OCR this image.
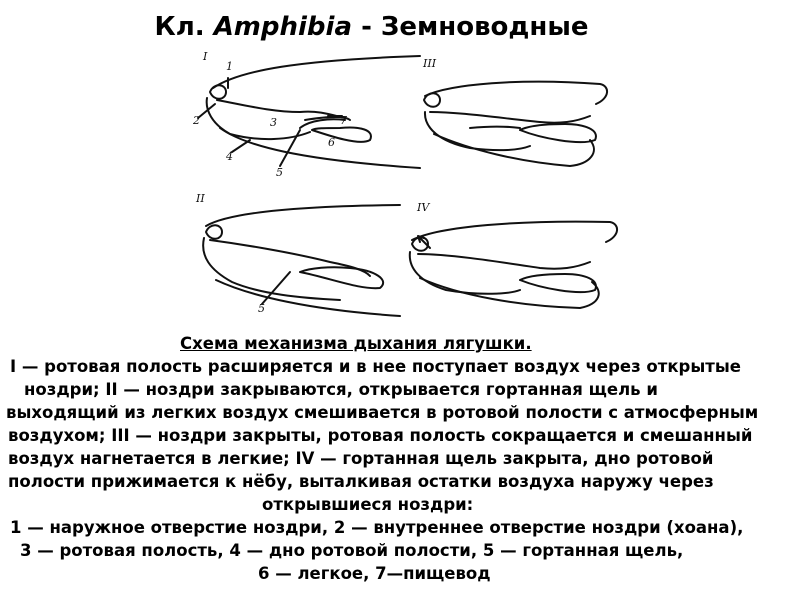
Кл. Amphibia - Земноводные
I
1
2	3
4
5
6
7
III
II
5
IV
Схема механизма дыхания лягушки.
I — ротовая полость расширяется и в нее поступает воздух через открытые
ноздри; II — ноздри закрываются, открывается гортанная щель и
выходящий из легких воздух смешивается в ротовой полости с атмосферным
воздухом; III — ноздри закрыты, ротовая полость сокращается и смешанный
воздух нагнетается в легкие; IV — гортанная щель закрыта, дно ротовой
полости прижимается к нёбу, выталкивая остатки воздуха наружу через
открывшиеся ноздри:
1 — наружное отверстие ноздри, 2 — внутреннее отверстие ноздри (хоана),
3 — ротовая полость, 4 — дно ротовой полости, 5 — гортанная щель,
6 — легкое, 7—пищевод
